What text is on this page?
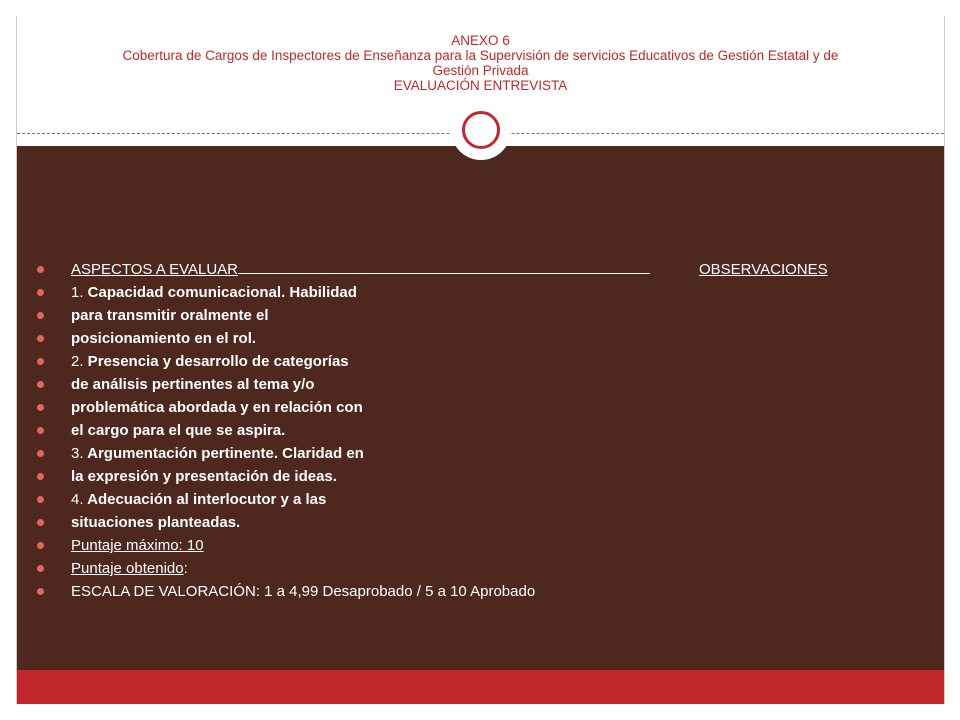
ANEXO 6
Cobertura de Cargos de Inspectores de Enseñanza para la Supervisión de servicios Educativos de Gestión Estatal y de
Gestión Privada
EVALUACIÓN ENTREVISTA
ASPECTOS A EVALUAR	OBSERVACIONES
1. Capacidad comunicacional. Habilidad
para transmitir oralmente el
posicionamiento en el rol.
2. Presencia y desarrollo de categorías
de análisis pertinentes al tema y/o
problemática abordada y en relación con
el cargo para el que se aspira.
3. Argumentación pertinente. Claridad en
la expresión y presentación de ideas.
4. Adecuación al interlocutor y a las
situaciones planteadas.
Puntaje máximo: 10
Puntaje obtenido:
ESCALA DE VALORACIÓN: 1 a 4,99 Desaprobado / 5 a 10 Aprobado
